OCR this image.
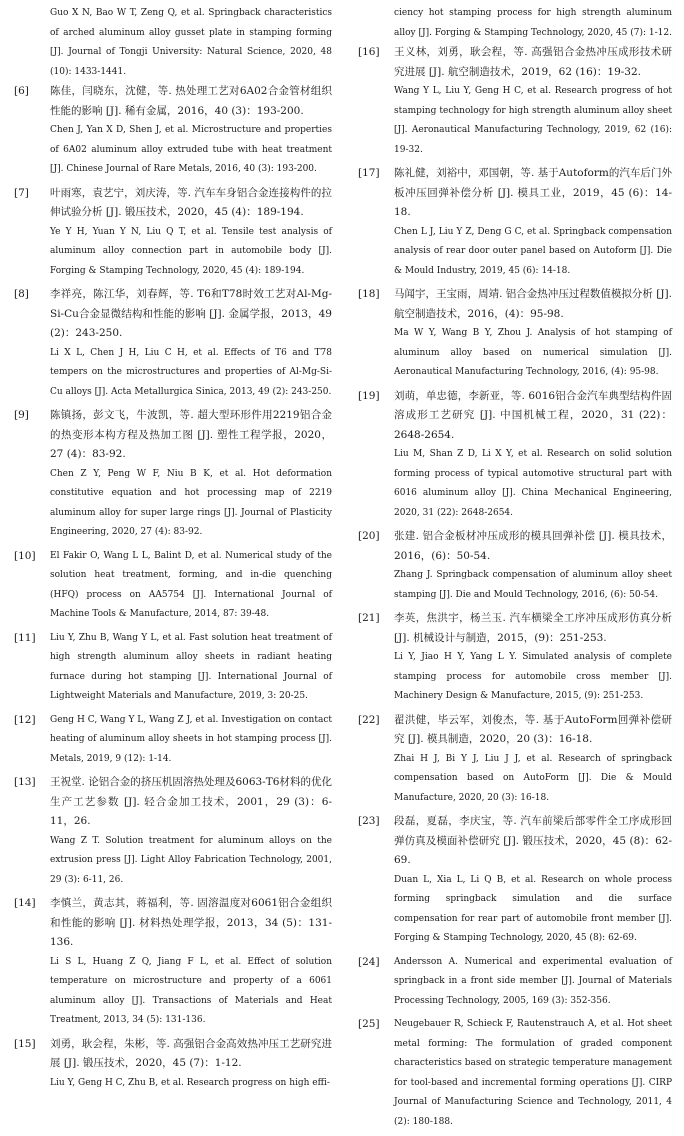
Guo X N, Bao W T, Zeng Q, et al. Springback characteristics of arched aluminum alloy gusset plate in stamping forming [J]. Journal of Tongji University: Natural Science, 2020, 48 (10): 1433-1441.
[6]	陈佳，闫晓东，沈健，等. 热处理工艺对6A02合金管材组织性能的影响 [J]. 稀有金属，2016，40 (3)：193-200.
Chen J, Yan X D, Shen J, et al. Microstructure and properties of 6A02 aluminum alloy extruded tube with heat treatment [J]. Chinese Journal of Rare Metals, 2016, 40 (3): 193-200.
[7]	叶雨寒，袁艺宁，刘庆涛，等. 汽车车身铝合金连接构件的拉伸试验分析 [J]. 锻压技术，2020，45 (4)：189-194.
Ye Y H, Yuan Y N, Liu Q T, et al. Tensile test analysis of aluminum alloy connection part in automobile body [J]. Forging & Stamping Technology, 2020, 45 (4): 189-194.
[8]	李祥亮，陈江华，刘春辉，等. T6和T78时效工艺对Al-Mg-Si-Cu合金显微结构和性能的影响 [J]. 金属学报，2013，49 (2)：243-250.
Li X L, Chen J H, Liu C H, et al. Effects of T6 and T78 tempers on the microstructures and properties of Al-Mg-Si-Cu alloys [J]. Acta Metallurgica Sinica, 2013, 49 (2): 243-250.
[9]	陈镇扬，彭文飞，牛波凯，等. 超大型环形件用2219铝合金的热变形本构方程及热加工图 [J]. 塑性工程学报，2020，27 (4)：83-92.
Chen Z Y, Peng W F, Niu B K, et al. Hot deformation constitutive equation and hot processing map of 2219 aluminum alloy for super large rings [J]. Journal of Plasticity Engineering, 2020, 27 (4): 83-92.
[10]	El Fakir O, Wang L L, Balint D, et al. Numerical study of the solution heat treatment, forming, and in-die quenching (HFQ) process on AA5754 [J]. International Journal of Machine Tools & Manufacture, 2014, 87: 39-48.
[11]	Liu Y, Zhu B, Wang Y L, et al. Fast solution heat treatment of high strength aluminum alloy sheets in radiant heating furnace during hot stamping [J]. International Journal of Lightweight Materials and Manufacture, 2019, 3: 20-25.
[12]	Geng H C, Wang Y L, Wang Z J, et al. Investigation on contact heating of aluminum alloy sheets in hot stamping process [J]. Metals, 2019, 9 (12): 1-14.
[13]	王祝堂. 论铝合金的挤压机固溶热处理及6063-T6材料的优化生产工艺参数 [J]. 轻合金加工技术，2001，29 (3)：6-11，26.
Wang Z T. Solution treatment for aluminum alloys on the extrusion press [J]. Light Alloy Fabrication Technology, 2001, 29 (3): 6-11, 26.
[14]	李慎兰，黄志其，蒋福利，等. 固溶温度对6061铝合金组织和性能的影响 [J]. 材料热处理学报，2013，34 (5)：131-136.
Li S L, Huang Z Q, Jiang F L, et al. Effect of solution temperature on microstructure and property of a 6061 aluminum alloy [J]. Transactions of Materials and Heat Treatment, 2013, 34 (5): 131-136.
[15]	刘勇，耿会程，朱彬，等. 高强铝合金高效热冲压工艺研究进展 [J]. 锻压技术，2020，45 (7)：1-12.
Liu Y, Geng H C, Zhu B, et al. Research progress on high effi-
ciency hot stamping process for high strength aluminum alloy [J]. Forging & Stamping Technology, 2020, 45 (7): 1-12.
[16]	王义林，刘勇，耿会程，等. 高强铝合金热冲压成形技术研究进展 [J]. 航空制造技术，2019，62 (16)：19-32.
Wang Y L, Liu Y, Geng H C, et al. Research progress of hot stamping technology for high strength aluminum alloy sheet [J]. Aeronautical Manufacturing Technology, 2019, 62 (16): 19-32.
[17]	陈礼健，刘裕中，邓国朝，等. 基于Autoform的汽车后门外板冲压回弹补偿分析 [J]. 模具工业，2019，45 (6)：14-18.
Chen L J, Liu Y Z, Deng G C, et al. Springback compensation analysis of rear door outer panel based on Autoform [J]. Die & Mould Industry, 2019, 45 (6): 14-18.
[18]	马闻宇，王宝雨，周靖. 铝合金热冲压过程数值模拟分析 [J]. 航空制造技术，2016，(4)：95-98.
Ma W Y, Wang B Y, Zhou J. Analysis of hot stamping of aluminum alloy based on numerical simulation [J]. Aeronautical Manufacturing Technology, 2016, (4): 95-98.
[19]	刘萌，单忠德，李新亚，等. 6016铝合金汽车典型结构件固溶成形工艺研究 [J]. 中国机械工程，2020，31 (22)：2648-2654.
Liu M, Shan Z D, Li X Y, et al. Research on solid solution forming process of typical automotive structural part with 6016 aluminum alloy [J]. China Mechanical Engineering, 2020, 31 (22): 2648-2654.
[20]	张建. 铝合金板材冲压成形的模具回弹补偿 [J]. 模具技术，2016，(6)：50-54.
Zhang J. Springback compensation of aluminum alloy sheet stamping [J]. Die and Mould Technology, 2016, (6): 50-54.
[21]	李英，焦洪宇，杨兰玉. 汽车横梁全工序冲压成形仿真分析 [J]. 机械设计与制造，2015，(9)：251-253.
Li Y, Jiao H Y, Yang L Y. Simulated analysis of complete stamping process for automobile cross member [J]. Machinery Design & Manufacture, 2015, (9): 251-253.
[22]	翟洪健，毕云军，刘俊杰，等. 基于AutoForm回弹补偿研究 [J]. 模具制造，2020，20 (3)：16-18.
Zhai H J, Bi Y J, Liu J J, et al. Research of springback compensation based on AutoForm [J]. Die & Mould Manufacture, 2020, 20 (3): 16-18.
[23]	段磊，夏磊，李庆宝，等. 汽车前梁后部零件全工序成形回弹仿真及模面补偿研究 [J]. 锻压技术，2020，45 (8)：62-69.
Duan L, Xia L, Li Q B, et al. Research on whole process forming springback simulation and die surface compensation for rear part of automobile front member [J]. Forging & Stamping Technology, 2020, 45 (8): 62-69.
[24]	Andersson A. Numerical and experimental evaluation of springback in a front side member [J]. Journal of Materials Processing Technology, 2005, 169 (3): 352-356.
[25]	Neugebauer R, Schieck F, Rautenstrauch A, et al. Hot sheet metal forming: The formulation of graded component characteristics based on strategic temperature management for tool-based and incremental forming operations [J]. CIRP Journal of Manufacturing Science and Technology, 2011, 4 (2): 180-188.
